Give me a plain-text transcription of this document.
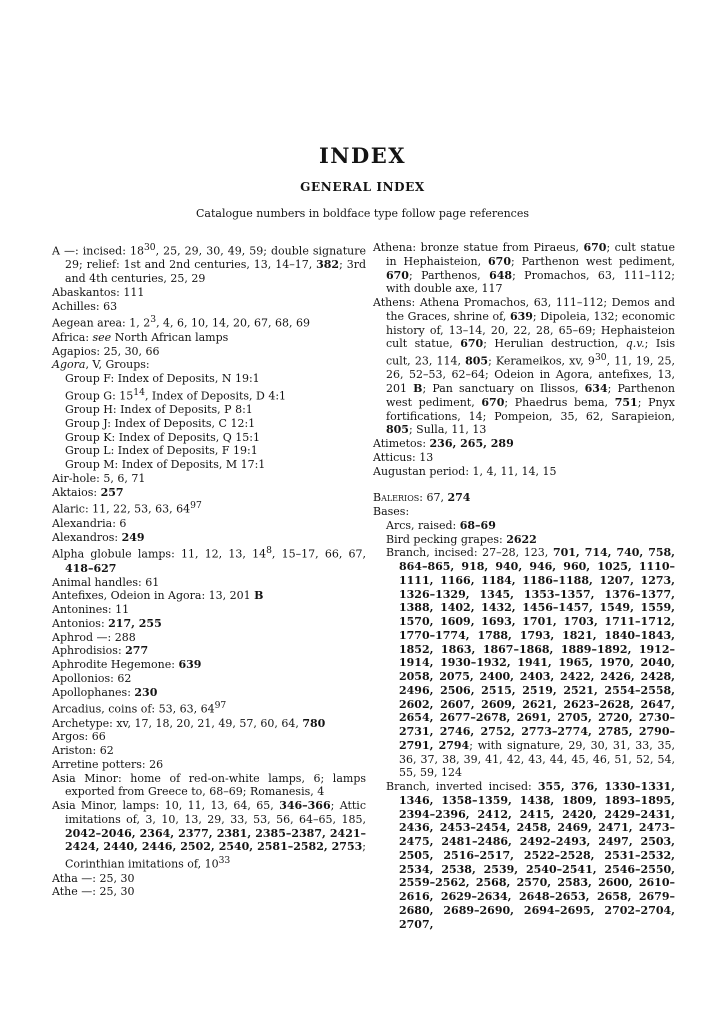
INDEX
GENERAL INDEX

Catalogue numbers in boldface type follow page references

A —: incised: $18^{30}$, 25, 29, 30, 49, 59; double signature 29; relief: 1st and 2nd centuries, 13, 14–17, 382; 3rd and 4th centuries, 25, 29

Abaskantos: 111

Achilles: 63

Aegean area: 1, $2^3$, 4, 6, 10, 14, 20, 67, 68, 69

Africa: see North African lamps

Agapios: 25, 30, 66

Agora, V, Groups:

Group F: Index of Deposits, N 19:1

Group G: $15^{14}$, Index of Deposits, D 4:1

Group H: Index of Deposits, P 8:1

Group J: Index of Deposits, C 12:1

Group K: Index of Deposits, Q 15:1

Group L: Index of Deposits, F 19:1

Group M: Index of Deposits, M 17:1

Air-hole: 5, 6, 71

Aktaios: 257

Alaric: 11, 22, 53, 63, $64^{97}$

Alexandria: 6

Alexandros: 249

Alpha globule lamps: 11, 12, 13, $14^8$, 15–17, 66, 67, 418–627

Animal handles: 61

Antefixes, Odeion in Agora: 13, 201 B

Antonines: 11

Antonios: 217, 255

Aphrod —: 288

Aphrodisios: 277

Aphrodite Hegemone: 639

Apollonios: 62

Apollophanes: 230

Arcadius, coins of: 53, 63, $64^{97}$

Archetype: xv, 17, 18, 20, 21, 49, 57, 60, 64, 780

Argos: 66

Ariston: 62

Arretine potters: 26

Asia Minor: home of red-on-white lamps, 6; lamps exported from Greece to, 68–69; Romanesis, 4

Asia Minor, lamps: 10, 11, 13, 64, 65, 346–366; Attic imitations of, 3, 10, 13, 29, 33, 53, 56, 64–65, 185, 2042–2046, 2364, 2377, 2381, 2385–2387, 2421–2424, 2440, 2446, 2502, 2540, 2581–2582, 2753; Corinthian imitations of, $10^{33}$

Atha —: 25, 30

Athe —: 25, 30

Athena: bronze statue from Piraeus, 670; cult statue in Hephaisteion, 670; Parthenon west pediment, 670; Parthenos, 648; Promachos, 63, 111–112; with double axe, 117

Athens: Athena Promachos, 63, 111–112; Demos and the Graces, shrine of, 639; Dipoleia, 132; economic history of, 13–14, 20, 22, 28, 65–69; Hephaisteion cult statue, 670; Herulian destruction, q.v.; Isis cult, 23, 114, 805; Kerameikos, xv, $9^{30}$, 11, 19, 25, 26, 52–53, 62–64; Odeion in Agora, antefixes, 13, 201 B; Pan sanctuary on Ilissos, 634; Parthenon west pediment, 670; Phaedrus bema, 751; Pnyx fortifications, 14; Pompeion, 35, 62, Sarapieion, 805; Sulla, 11, 13

Atimetos: 236, 265, 289

Atticus: 13

Augustan period: 1, 4, 11, 14, 15

Balerios: 67, 274

Bases:

Arcs, raised: 68–69

Bird pecking grapes: 2622

Branch, incised: 27–28, 123, 701, 714, 740, 758, 864–865, 918, 940, 946, 960, 1025, 1110–1111, 1166, 1184, 1186–1188, 1207, 1273, 1326–1329, 1345, 1353–1357, 1376–1377, 1388, 1402, 1432, 1456–1457, 1549, 1559, 1570, 1609, 1693, 1701, 1703, 1711–1712, 1770–1774, 1788, 1793, 1821, 1840–1843, 1852, 1863, 1867–1868, 1889–1892, 1912–1914, 1930–1932, 1941, 1965, 1970, 2040, 2058, 2075, 2400, 2403, 2422, 2426, 2428, 2496, 2506, 2515, 2519, 2521, 2554–2558, 2602, 2607, 2609, 2621, 2623–2628, 2647, 2654, 2677–2678, 2691, 2705, 2720, 2730–2731, 2746, 2752, 2773–2774, 2785, 2790–2791, 2794; with signature, 29, 30, 31, 33, 35, 36, 37, 38, 39, 41, 42, 43, 44, 45, 46, 51, 52, 54, 55, 59, 124

Branch, inverted incised: 355, 376, 1330–1331, 1346, 1358–1359, 1438, 1809, 1893–1895, 2394–2396, 2412, 2415, 2420, 2429–2431, 2436, 2453–2454, 2458, 2469, 2471, 2473–2475, 2481–2486, 2492–2493, 2497, 2503, 2505, 2516–2517, 2522–2528, 2531–2532, 2534, 2538, 2539, 2540–2541, 2546–2550, 2559–2562, 2568, 2570, 2583, 2600, 2610–2616, 2629–2634, 2648–2653, 2658, 2679–2680, 2689–2690, 2694–2695, 2702–2704, 2707,
